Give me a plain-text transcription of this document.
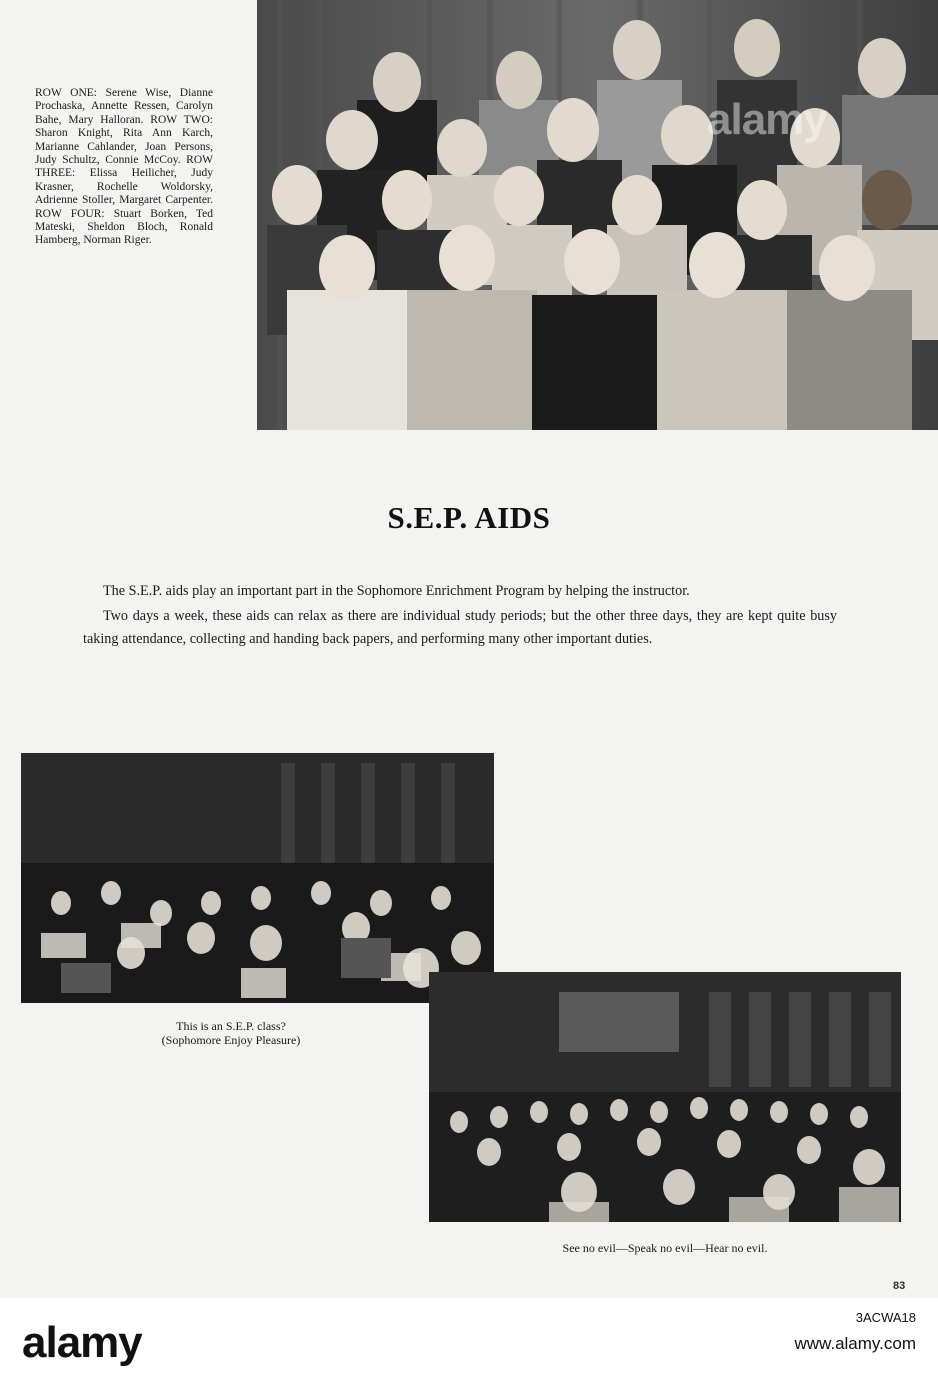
alamy
ROW ONE: Serene Wise, Dianne Prochaska, Annette Ressen, Carolyn Bahe, Mary Halloran. ROW TWO: Sharon Knight, Rita Ann Karch, Marianne Cahlander, Joan Persons, Judy Schultz, Connie McCoy. ROW THREE: Elissa Heilicher, Judy Krasner, Rochelle Woldorsky, Adrienne Stoller, Margaret Carpenter. ROW FOUR: Stuart Borken, Ted Mateski, Sheldon Bloch, Ronald Hamberg, Norman Riger.
S.E.P. AIDS

The S.E.P. aids play an important part in the Sophomore Enrichment Program by helping the instructor.

Two days a week, these aids can relax as there are individual study periods; but the other three days, they are kept quite busy taking attendance, collecting and handing back papers, and performing many other important duties.

This is an S.E.P. class?
(Sophomore Enjoy Pleasure)
See no evil—Speak no evil—Hear no evil.
83
alamy
3ACWA18
www.alamy.com
